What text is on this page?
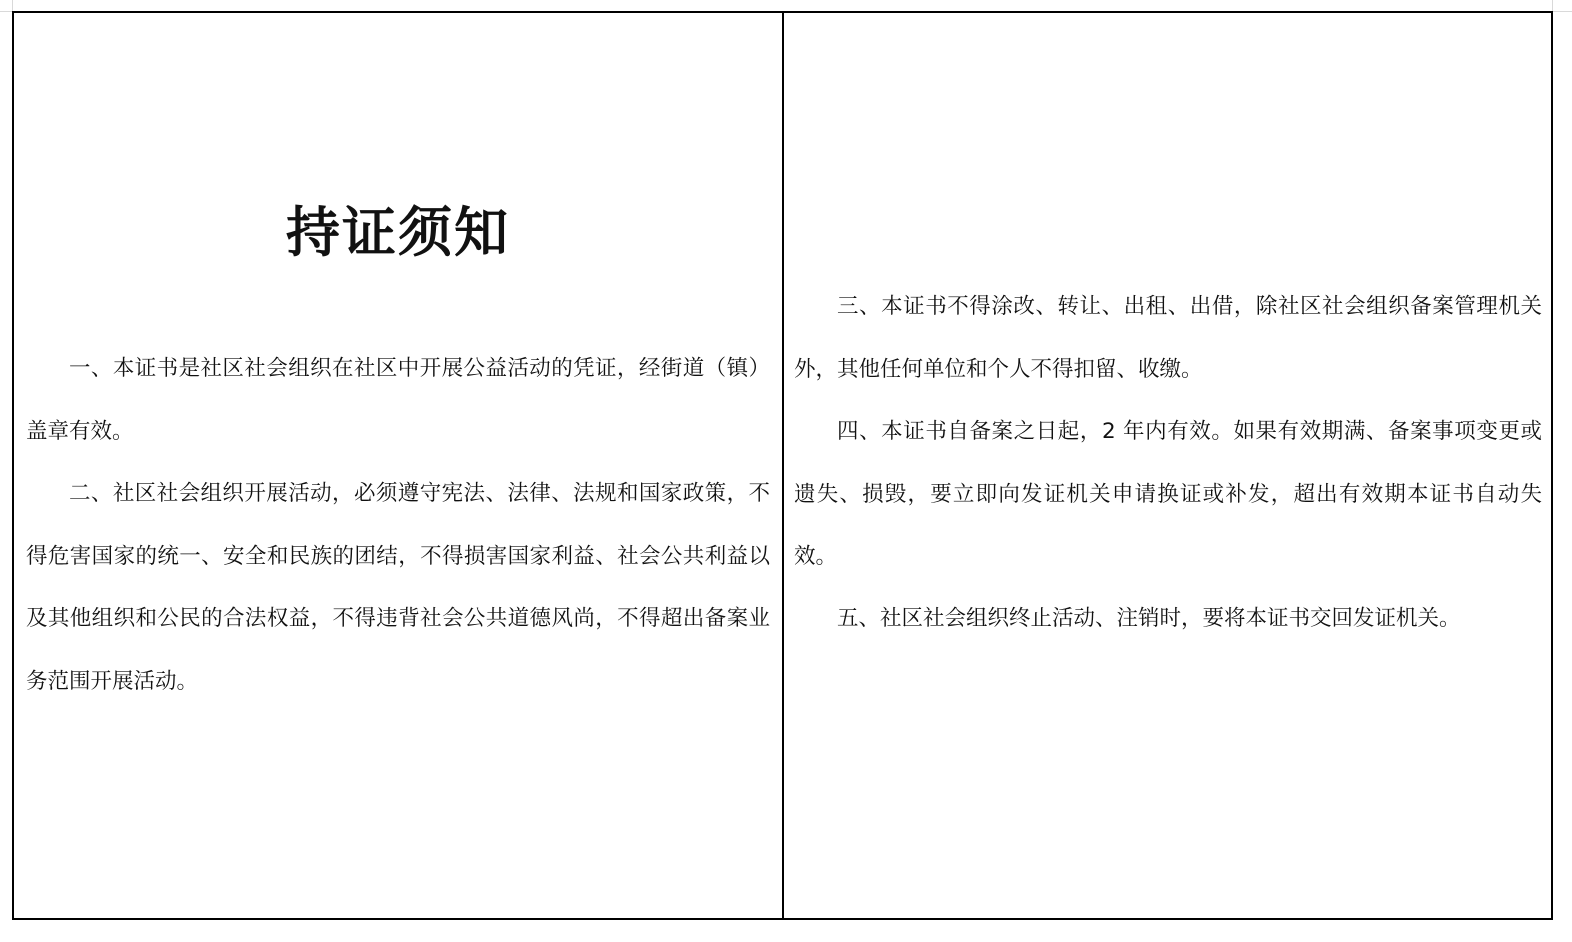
持证须知

一、本证书是社区社会组织在社区中开展公益活动的凭证，经街道（镇）盖章有效。

二、社区社会组织开展活动，必须遵守宪法、法律、法规和国家政策，不得危害国家的统一、安全和民族的团结，不得损害国家利益、社会公共利益以及其他组织和公民的合法权益，不得违背社会公共道德风尚，不得超出备案业务范围开展活动。

三、本证书不得涂改、转让、出租、出借，除社区社会组织备案管理机关外，其他任何单位和个人不得扣留、收缴。

四、本证书自备案之日起，2 年内有效。如果有效期满、备案事项变更或遗失、损毁，要立即向发证机关申请换证或补发，超出有效期本证书自动失效。

五、社区社会组织终止活动、注销时，要将本证书交回发证机关。
